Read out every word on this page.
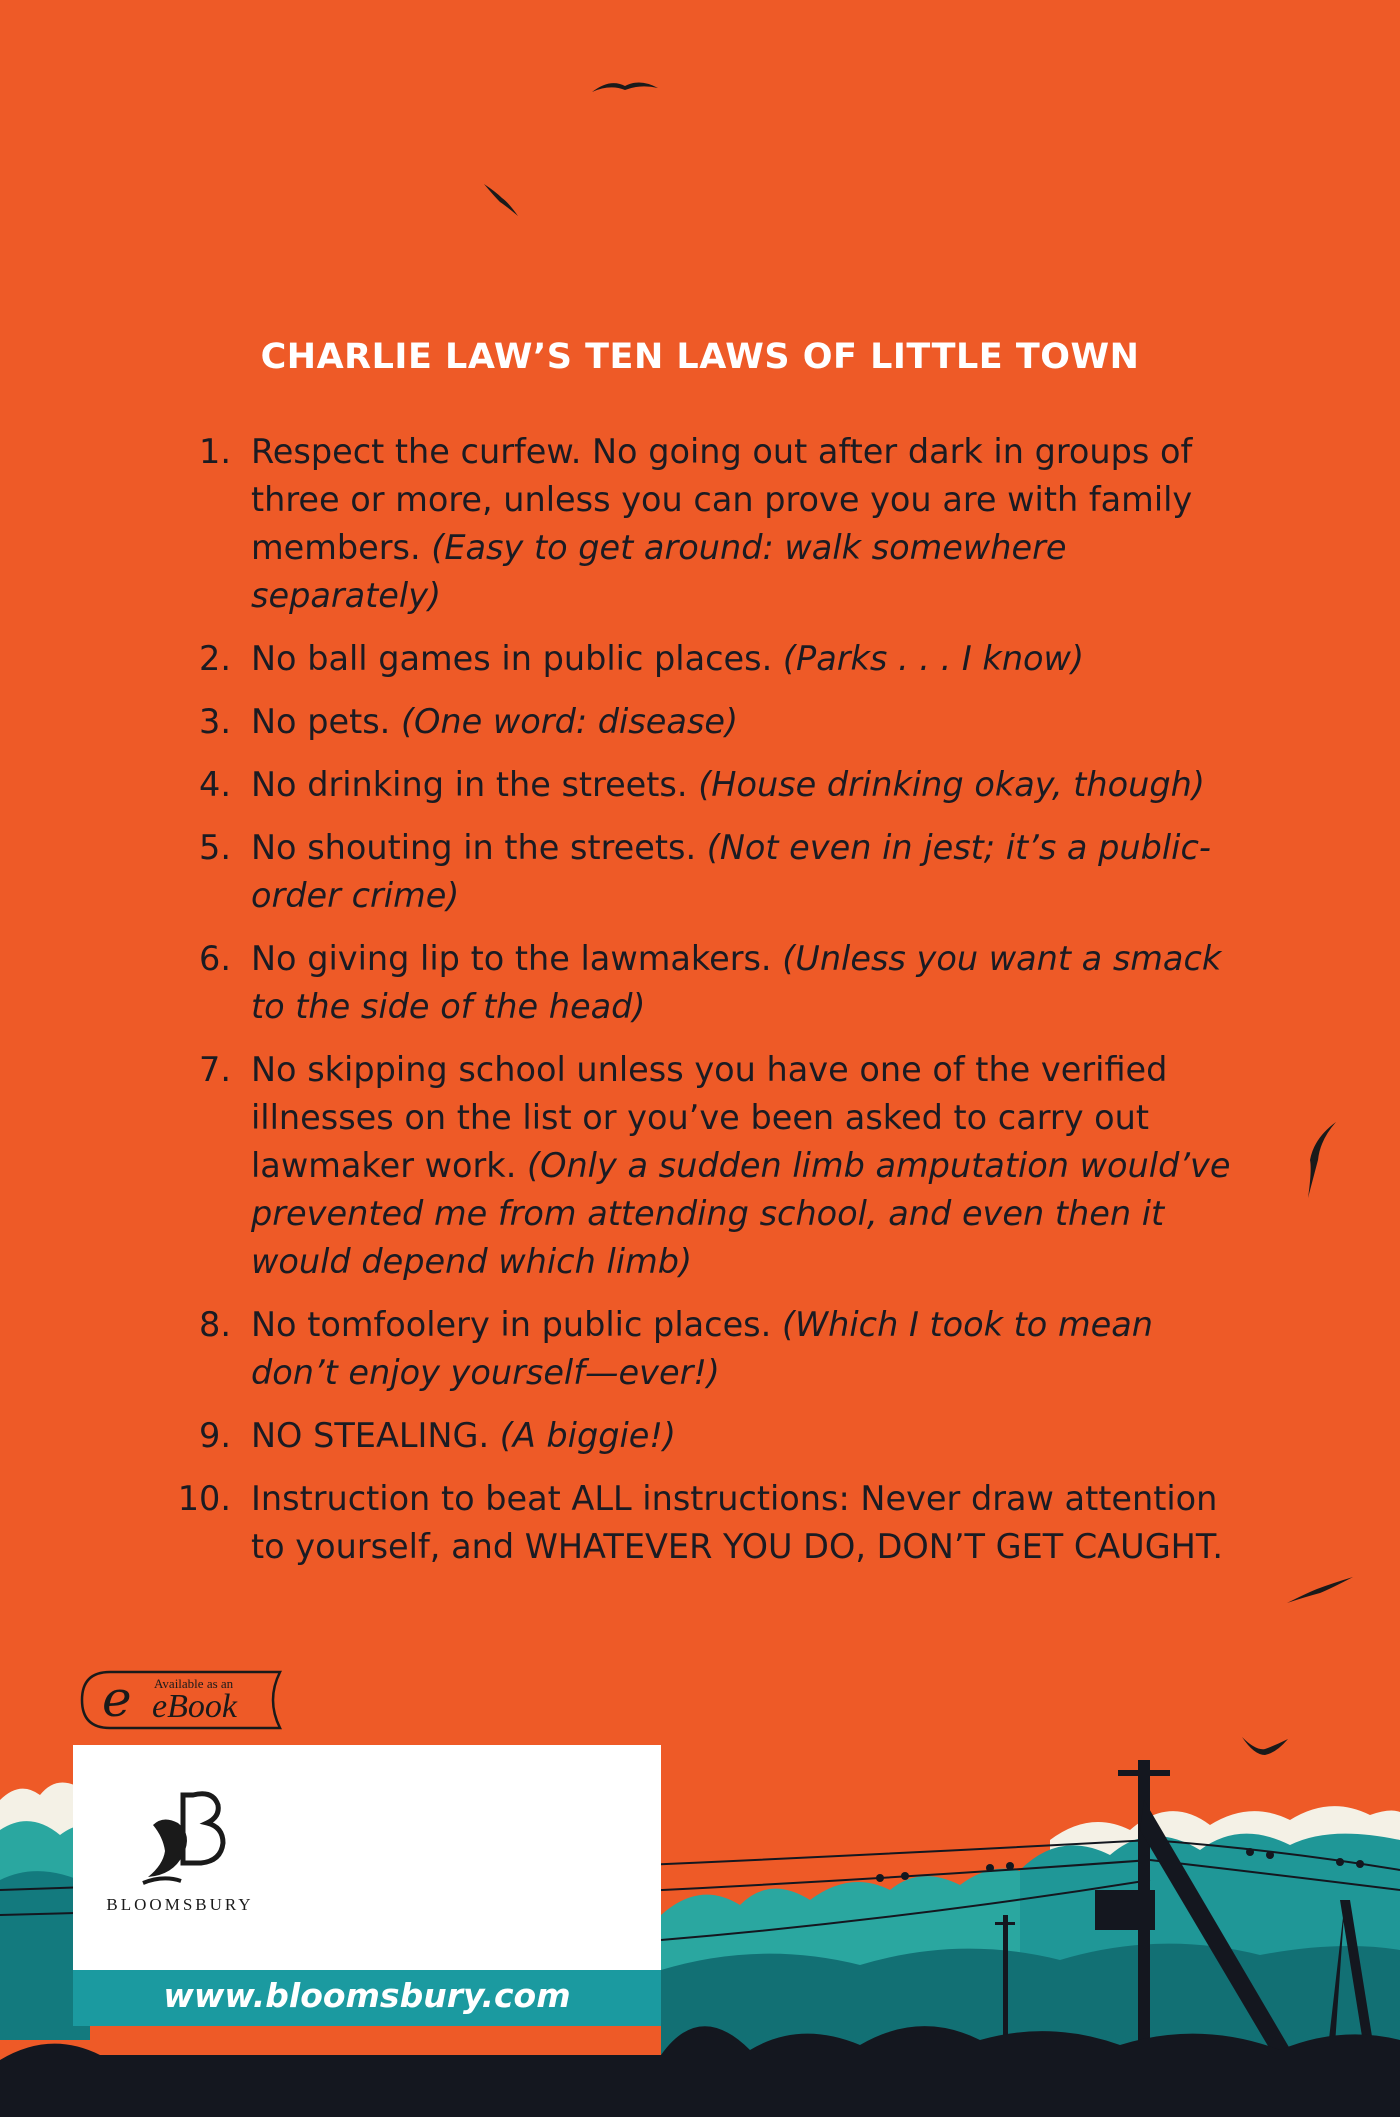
CHARLIE LAW’S TEN LAWS OF LITTLE TOWN
1. Respect the curfew. No going out after dark in groups of three or more, unless you can prove you are with family members. (Easy to get around: walk somewhere separately)
2. No ball games in public places. (Parks . . . I know)
3. No pets. (One word: disease)
4. No drinking in the streets. (House drinking okay, though)
5. No shouting in the streets. (Not even in jest; it’s a public-order crime)
6. No giving lip to the lawmakers. (Unless you want a smack to the side of the head)
7. No skipping school unless you have one of the verified illnesses on the list or you’ve been asked to carry out lawmaker work. (Only a sudden limb amputation would’ve prevented me from attending school, and even then it would depend which limb)
8. No tomfoolery in public places. (Which I took to mean don’t enjoy yourself—ever!)
9. NO STEALING. (A biggie!)
10. Instruction to beat ALL instructions: Never draw attention to yourself, and WHATEVER YOU DO, DON’T GET CAUGHT.
e Available as an
eBook
BLOOMSBURY
www.bloomsbury.com
